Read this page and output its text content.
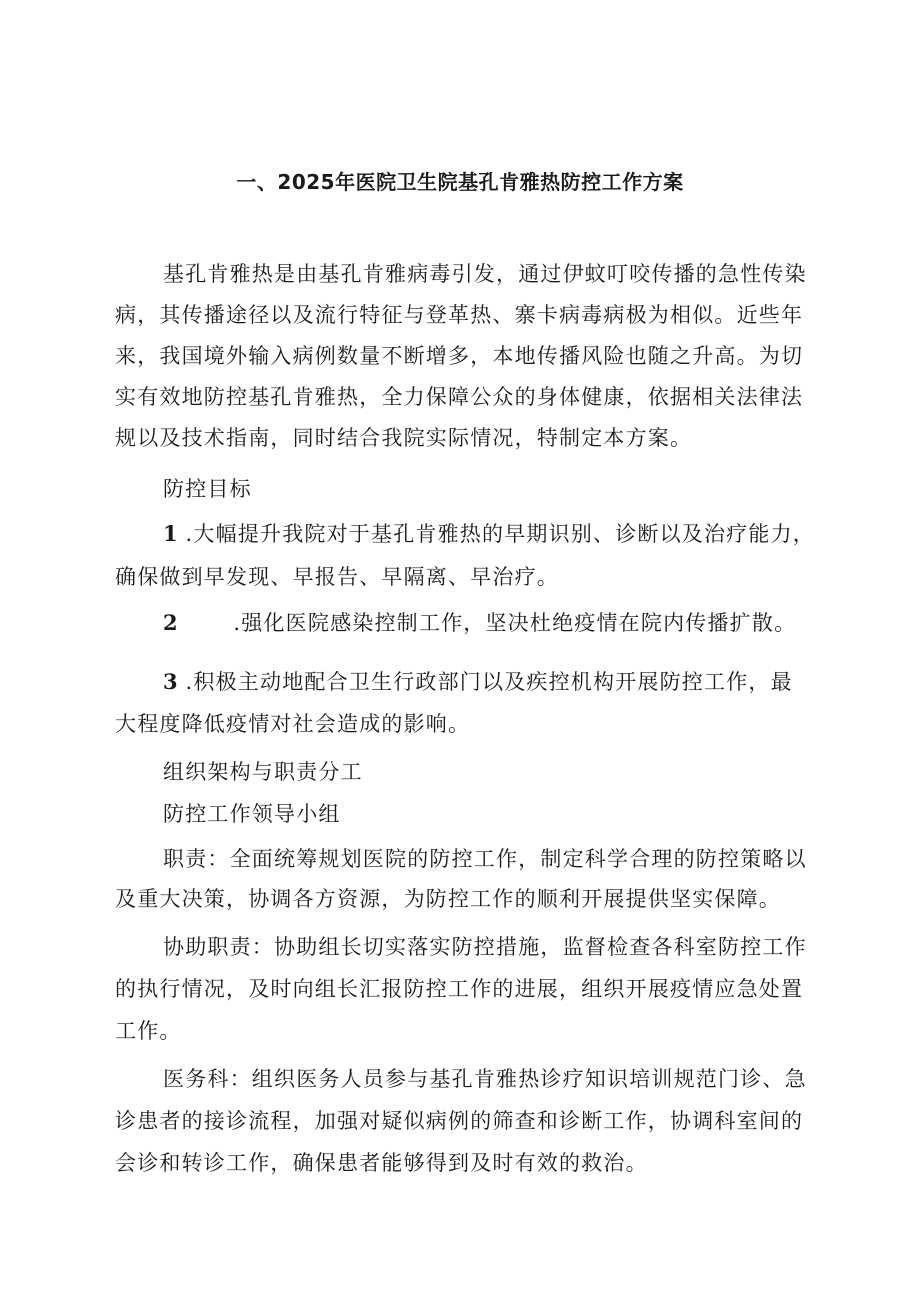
一、2025年医院卫生院基孔肯雅热防控工作方案
基孔肯雅热是由基孔肯雅病毒引发，通过伊蚊叮咬传播的急性传染
病，其传播途径以及流行特征与登革热、寨卡病毒病极为相似。近些年
来，我国境外输入病例数量不断增多，本地传播风险也随之升高。为切
实有效地防控基孔肯雅热，全力保障公众的身体健康，依据相关法律法
规以及技术指南，同时结合我院实际情况，特制定本方案。
防控目标
1 .大幅提升我院对于基孔肯雅热的早期识别、诊断以及治疗能力，
确保做到早发现、早报告、早隔离、早治疗。
2	.强化医院感染控制工作，坚决杜绝疫情在院内传播扩散。
3 .积极主动地配合卫生行政部门以及疾控机构开展防控工作，最
大程度降低疫情对社会造成的影响。
组织架构与职责分工
防控工作领导小组
职责：全面统筹规划医院的防控工作，制定科学合理的防控策略以
及重大决策，协调各方资源，为防控工作的顺利开展提供坚实保障。
协助职责：协助组长切实落实防控措施，监督检查各科室防控工作
的执行情况，及时向组长汇报防控工作的进展，组织开展疫情应急处置
工作。
医务科：组织医务人员参与基孔肯雅热诊疗知识培训规范门诊、急
诊患者的接诊流程，加强对疑似病例的筛查和诊断工作，协调科室间的
会诊和转诊工作，确保患者能够得到及时有效的救治。
